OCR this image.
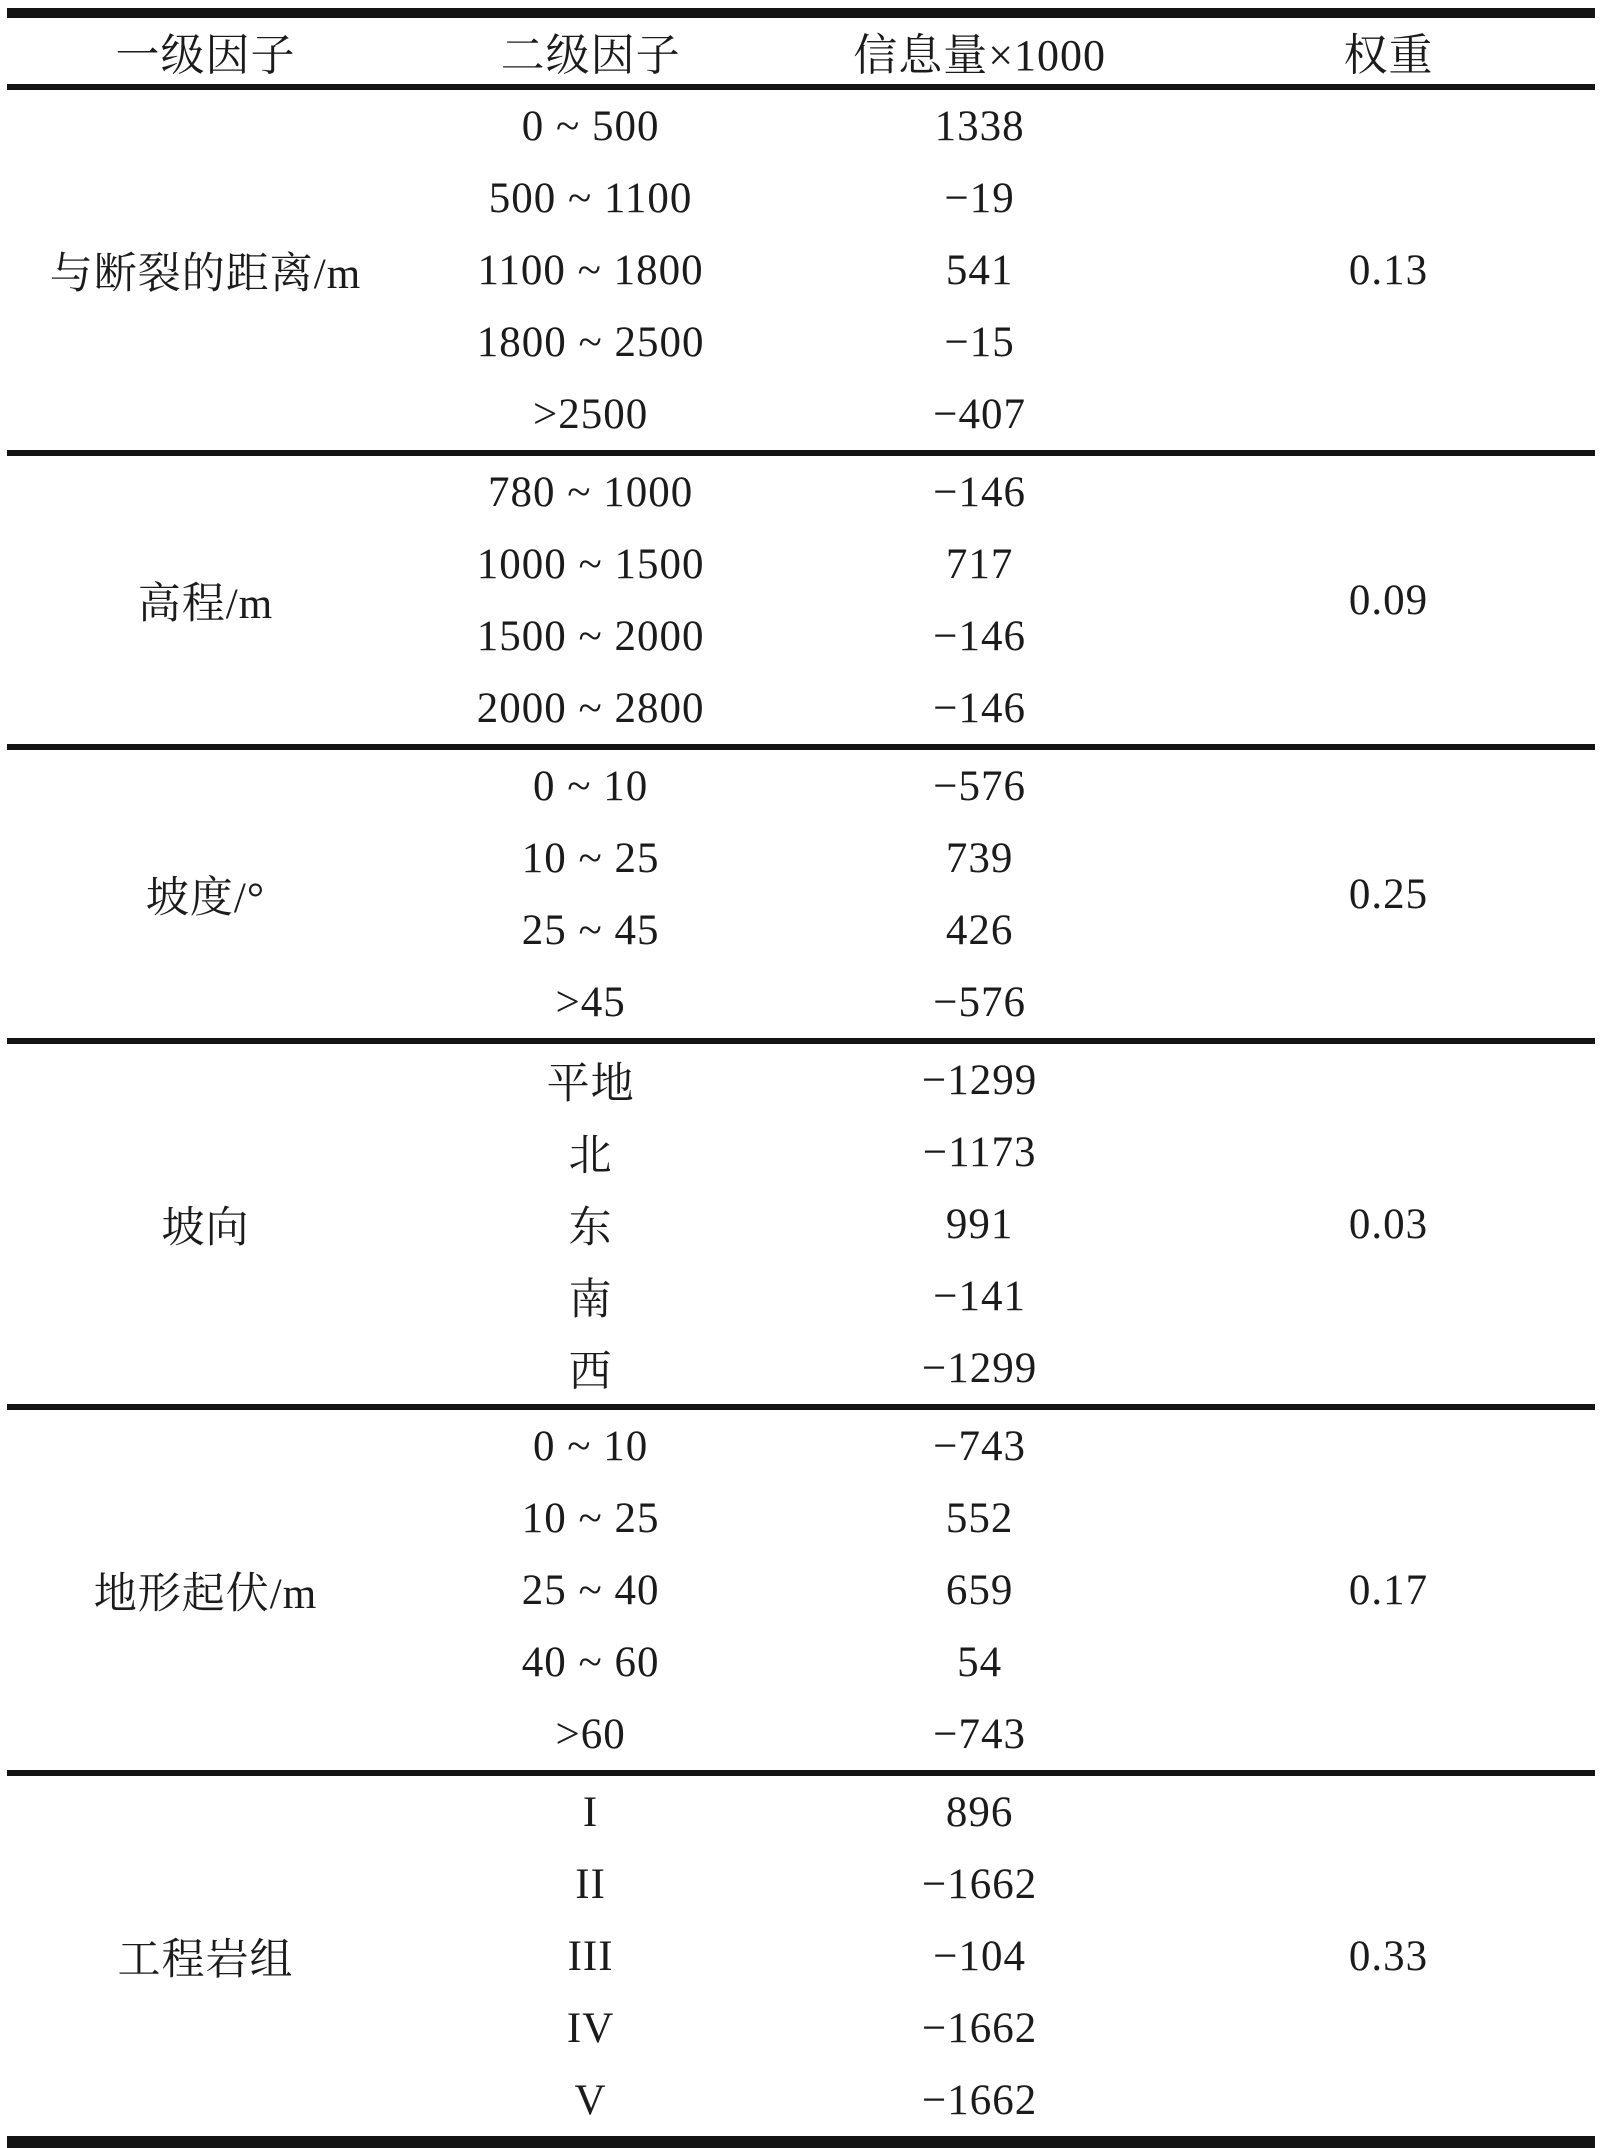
一级因子	二级因子	信息量×1000	权重
与断裂的距离/m	0 ~ 500	1338	0.13
	500 ~ 1100	−19	
	1100 ~ 1800	541	
	1800 ~ 2500	−15	
	>2500	−407	
高程/m	780 ~ 1000	−146	0.09
	1000 ~ 1500	717	
	1500 ~ 2000	−146	
	2000 ~ 2800	−146	
坡度/°	0 ~ 10	−576	0.25
	10 ~ 25	739	
	25 ~ 45	426	
	>45	−576	
坡向	平地	−1299	0.03
	北	−1173	
	东	991	
	南	−141	
	西	−1299	
地形起伏/m	0 ~ 10	−743	0.17
	10 ~ 25	552	
	25 ~ 40	659	
	40 ~ 60	54	
	>60	−743	
工程岩组	I	896	0.33
	II	−1662	
	III	−104	
	IV	−1662	
	V	−1662	
